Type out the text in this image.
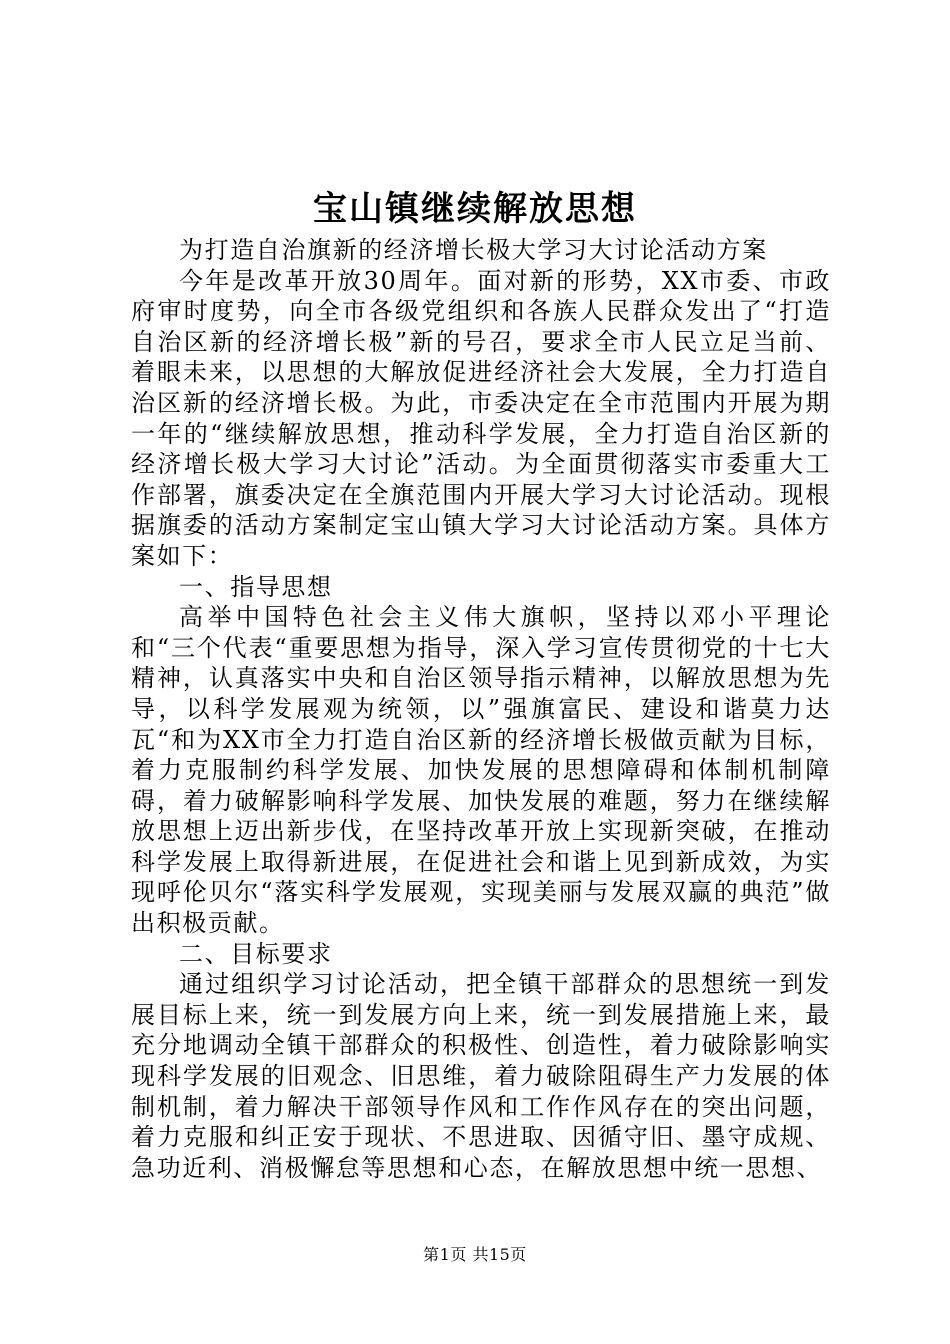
宝山镇继续解放思想

为打造自治旗新的经济增长极大学习大讨论活动方案

今年是改革开放30周年。面对新的形势，XX市委、市政府审时度势，向全市各级党组织和各族人民群众发出了“打造自治区新的经济增长极”新的号召，要求全市人民立足当前、着眼未来，以思想的大解放促进经济社会大发展，全力打造自治区新的经济增长极。为此，市委决定在全市范围内开展为期一年的“继续解放思想，推动科学发展，全力打造自治区新的经济增长极大学习大讨论”活动。为全面贯彻落实市委重大工作部署，旗委决定在全旗范围内开展大学习大讨论活动。现根据旗委的活动方案制定宝山镇大学习大讨论活动方案。具体方案如下：

一、指导思想

高举中国特色社会主义伟大旗帜，坚持以邓小平理论和“三个代表“重要思想为指导，深入学习宣传贯彻党的十七大精神，认真落实中央和自治区领导指示精神，以解放思想为先导，以科学发展观为统领，以”强旗富民、建设和谐莫力达瓦“和为XX市全力打造自治区新的经济增长极做贡献为目标，着力克服制约科学发展、加快发展的思想障碍和体制机制障碍，着力破解影响科学发展、加快发展的难题，努力在继续解放思想上迈出新步伐，在坚持改革开放上实现新突破，在推动科学发展上取得新进展，在促进社会和谐上见到新成效，为实现呼伦贝尔“落实科学发展观，实现美丽与发展双赢的典范”做出积极贡献。

二、目标要求

通过组织学习讨论活动，把全镇干部群众的思想统一到发展目标上来，统一到发展方向上来，统一到发展措施上来，最充分地调动全镇干部群众的积极性、创造性，着力破除影响实现科学发展的旧观念、旧思维，着力破除阻碍生产力发展的体制机制，着力解决干部领导作风和工作作风存在的突出问题，着力克服和纠正安于现状、不思进取、因循守旧、墨守成规、急功近利、消极懈怠等思想和心态，在解放思想中统一思想、

第1页 共15页
